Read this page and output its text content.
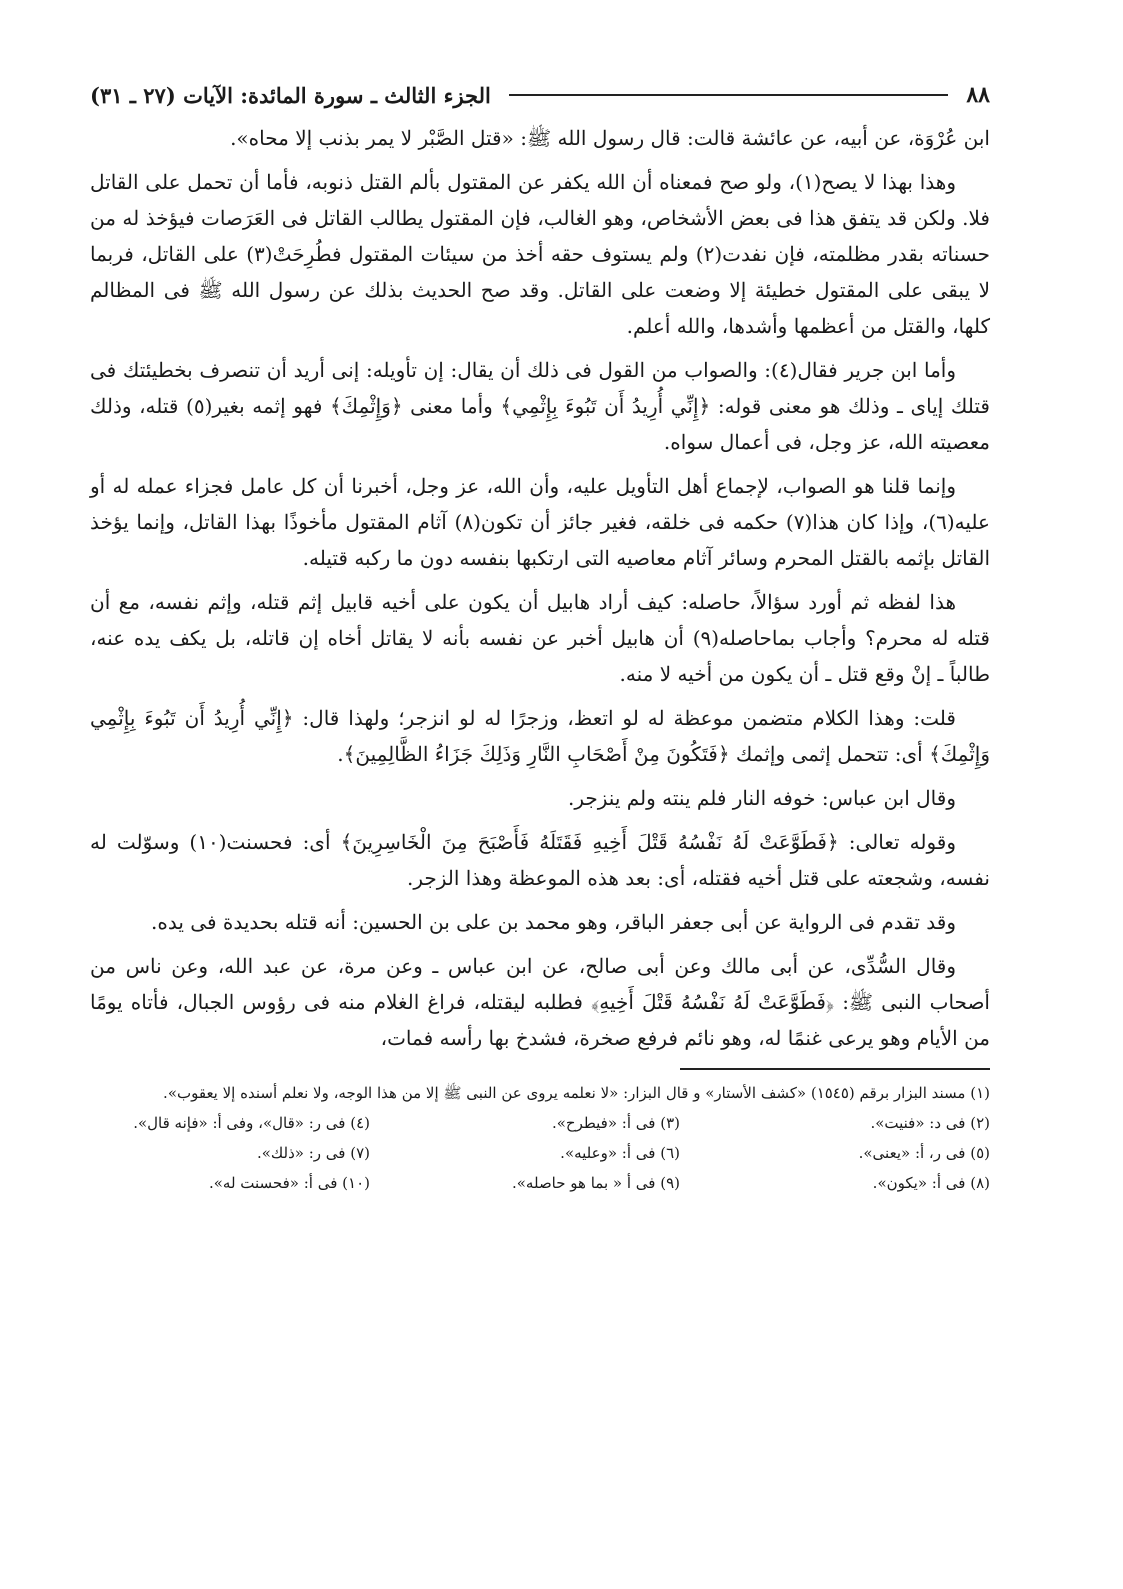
٨٨
الجزء الثالث ـ سورة المائدة: الآيات (٢٧ ـ ٣١)

ابن عُرْوَة، عن أبيه، عن عائشة قالت: قال رسول الله ﷺ: «قتل الصَّبْر لا يمر بذنب إلا محاه».

وهذا بهذا لا يصح(١)، ولو صح فمعناه أن الله يكفر عن المقتول بألم القتل ذنوبه، فأما أن تحمل على القاتل فلا. ولكن قد يتفق هذا فى بعض الأشخاص، وهو الغالب، فإن المقتول يطالب القاتل فى العَرَصات فيؤخذ له من حسناته بقدر مظلمته، فإن نفدت(٢) ولم يستوف حقه أخذ من سيئات المقتول فطُرِحَتْ(٣) على القاتل، فربما لا يبقى على المقتول خطيئة إلا وضعت على القاتل. وقد صح الحديث بذلك عن رسول الله ﷺ فى المظالم كلها، والقتل من أعظمها وأشدها، والله أعلم.

وأما ابن جرير فقال(٤): والصواب من القول فى ذلك أن يقال: إن تأويله: إنى أريد أن تنصرف بخطيئتك فى قتلك إياى ـ وذلك هو معنى قوله: ﴿إِنِّي أُرِيدُ أَن تَبُوءَ بِإِثْمِي﴾ وأما معنى ﴿وَإِثْمِكَ﴾ فهو إثمه بغير(٥) قتله، وذلك معصيته الله، عز وجل، فى أعمال سواه.

وإنما قلنا هو الصواب، لإجماع أهل التأويل عليه، وأن الله، عز وجل، أخبرنا أن كل عامل فجزاء عمله له أو عليه(٦)، وإذا كان هذا(٧) حكمه فى خلقه، فغير جائز أن تكون(٨) آثام المقتول مأخوذًا بهذا القاتل، وإنما يؤخذ القاتل بإثمه بالقتل المحرم وسائر آثام معاصيه التى ارتكبها بنفسه دون ما ركبه قتيله.

هذا لفظه ثم أورد سؤالاً، حاصله: كيف أراد هابيل أن يكون على أخيه قابيل إثم قتله، وإثم نفسه، مع أن قتله له محرم؟ وأجاب بماحاصله(٩) أن هابيل أخبر عن نفسه بأنه لا يقاتل أخاه إن قاتله، بل يكف يده عنه، طالباً ـ إنْ وقع قتل ـ أن يكون من أخيه لا منه.

قلت: وهذا الكلام متضمن موعظة له لو اتعظ، وزجرًا له لو انزجر؛ ولهذا قال: ﴿إِنِّي أُرِيدُ أَن تَبُوءَ بِإِثْمِي وَإِثْمِكَ﴾ أى: تتحمل إثمى وإثمك ﴿فَتَكُونَ مِنْ أَصْحَابِ النَّارِ وَذَلِكَ جَزَاءُ الظَّالِمِينَ﴾.

وقال ابن عباس: خوفه النار فلم ينته ولم ينزجر.

وقوله تعالى: ﴿فَطَوَّعَتْ لَهُ نَفْسُهُ قَتْلَ أَخِيهِ فَقَتَلَهُ فَأَصْبَحَ مِنَ الْخَاسِرِينَ﴾ أى: فحسنت(١٠) وسوّلت له نفسه، وشجعته على قتل أخيه فقتله، أى: بعد هذه الموعظة وهذا الزجر.

وقد تقدم فى الرواية عن أبى جعفر الباقر، وهو محمد بن على بن الحسين: أنه قتله بحديدة فى يده.

وقال السُّدِّى، عن أبى مالك وعن أبى صالح، عن ابن عباس ـ وعن مرة، عن عبد الله، وعن ناس من أصحاب النبى ﷺ: ﴿فَطَوَّعَتْ لَهُ نَفْسُهُ قَتْلَ أَخِيهِ﴾ فطلبه ليقتله، فراغ الغلام منه فى رؤوس الجبال، فأتاه يومًا من الأيام وهو يرعى غنمًا له، وهو نائم فرفع صخرة، فشدخ بها رأسه فمات،

(١) مسند البزار برقم (١٥٤٥) «كشف الأستار» و قال البزار: «لا نعلمه يروى عن النبى ﷺ إلا من هذا الوجه، ولا نعلم أسنده إلا يعقوب».

(٢) فى د: «فنيت».
(٣) فى أ: «فيطرح».
(٤) فى ر: «قال»، وفى أ: «فإنه قال».
(٥) فى ر، أ: «يعنى».
(٦) فى أ: «وعليه».
(٧) فى ر: «ذلك».
(٨) فى أ: «يكون».
(٩) فى أ « بما هو حاصله».
(١٠) فى أ: «فحسنت له».
